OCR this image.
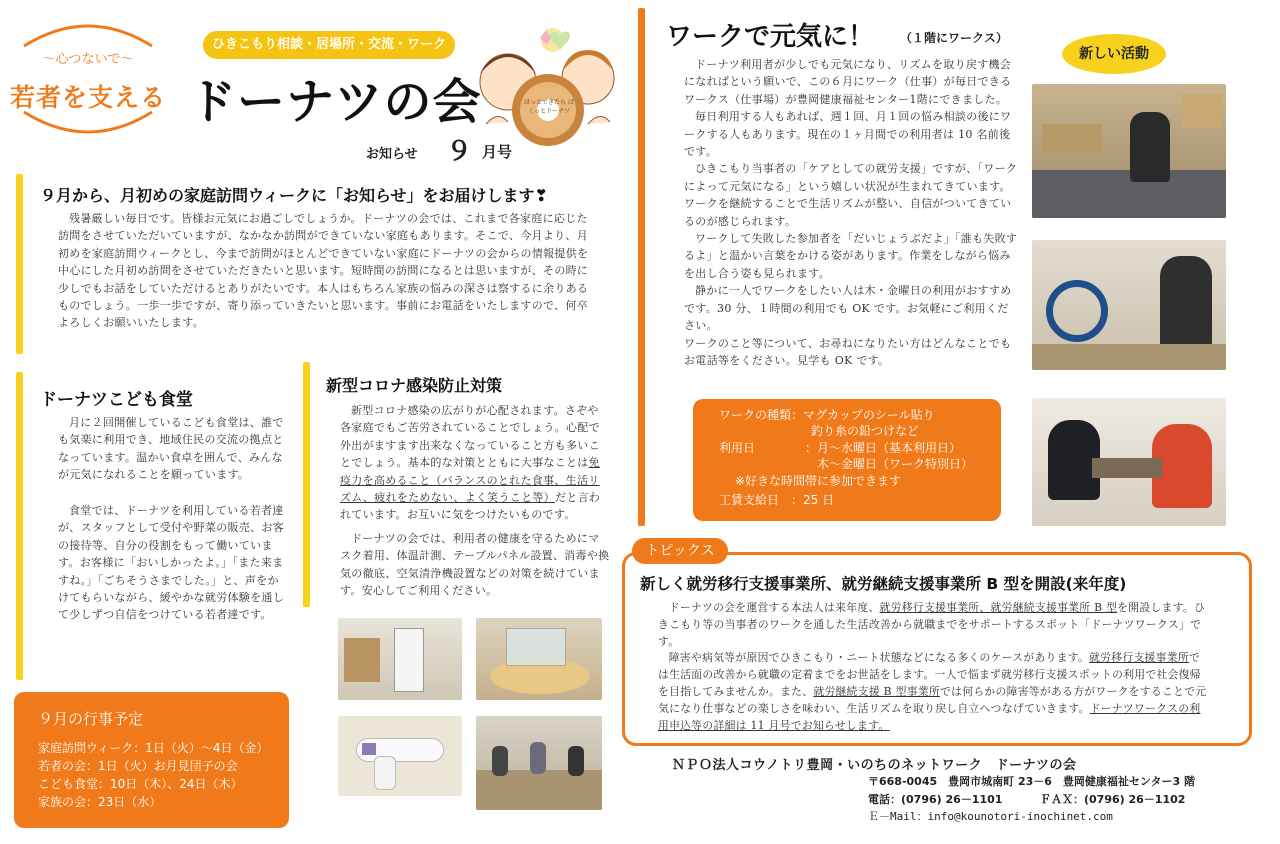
〜心つないで〜
若者を支える
ひきこもり相談・居場所・交流・ワーク
ドーナツの会
お知らせ ９ 月号
ほっとできたら ぱくっとドーナツ
９月から、月初めの家庭訪問ウィークに「お知らせ」をお届けします❣

残暑厳しい毎日です。皆様お元気にお過ごしでしょうか。ドーナツの会では、これまで各家庭に応じた訪問をさせていただいていますが、なかなか訪問ができていない家庭もあります。そこで、今月より、月初めを家庭訪問ウィークとし、今まで訪問がほとんどできていない家庭にドーナツの会からの情報提供を中心にした月初め訪問をさせていただきたいと思います。短時間の訪問になるとは思いますが、その時に少しでもお話をしていただけるとありがたいです。本人はもちろん家族の悩みの深さは察するに余りあるものでしょう。一歩一歩ですが、寄り添っていきたいと思います。事前にお電話をいたしますので、何卒よろしくお願いいたします。

ドーナツこども食堂

月に２回開催しているこども食堂は、誰でも気楽に利用でき、地域住民の交流の拠点となっています。温かい食卓を囲んで、みんなが元気になれることを願っています。

食堂では、ドーナツを利用している若者達が、スタッフとして受付や野菜の販売、お客の接待等、自分の役割をもって働いています。お客様に「おいしかったよ。」「また来ますね。」「ごちそうさまでした。」と、声をかけてもらいながら、緩やかな就労体験を通して少しずつ自信をつけている若者達です。

９月の行事予定
家庭訪問ウィーク：1日（火）〜4日（金）
若者の会：1日（火）お月見団子の会
こども食堂：10日（木）、24日（木）
家族の会：23日（水）
新型コロナ感染防止対策

新型コロナ感染の広がりが心配されます。さぞや各家庭でもご苦労されていることでしょう。心配で外出がますます出来なくなっていること方も多いことでしょう。基本的な対策とともに大事なことは免疫力を高めること（バランスのとれた食事、生活リズム、疲れをためない、よく笑うこと等）だと言われています。お互いに気をつけたいものです。

ドーナツの会では、利用者の健康を守るためにマスク着用、体温計測、テーブルパネル設置、消毒や換気の徹底、空気清浄機設置などの対策を続けています。安心してご利用ください。

ワークで元気に！ （１階にワークス）

ドーナツ利用者が少しでも元気になり、リズムを取り戻す機会になればという願いで、この６月にワーク（仕事）が毎日できるワークス（仕事場）が豊岡健康福祉センター1階にできました。

毎日利用する人もあれば、週１回、月１回の悩み相談の後にワークする人もあります。現在の１ヶ月間での利用者は 10 名前後です。

ひきこもり当事者の「ケアとしての就労支援」ですが、「ワークによって元気になる」という嬉しい状況が生まれてきています。ワークを継続することで生活リズムが整い、自信がついてきているのが感じられます。

ワークして失敗した参加者を「だいじょうぶだよ」「誰も失敗するよ」と温かい言葉をかける姿があります。作業をしながら悩みを出し合う姿も見られます。

静かに一人でワークをしたい人は木・金曜日の利用がおすすめです。30 分、１時間の利用でも OK です。お気軽にご利用ください。

ワークのこと等について、お尋ねになりたい方はどんなことでもお電話等をください。見学も OK です。

新しい活動
ワークの種類：マグカップのシール貼り
釣り糸の鉛つけなど
利用日	：月〜水曜日（基本利用日）
木〜金曜日（ワーク特別日）
※好きな時間帯に参加できます
工賃支給日　：25 日
トピックス
新しく就労移行支援事業所、就労継続支援事業所 B 型を開設(来年度)

ドーナツの会を運営する本法人は来年度、就労移行支援事業所、就労継続支援事業所 B 型を開設します。ひきこもり等の当事者のワークを通した生活改善から就職までをサポートするスポット「ドーナツワークス」です。

障害や病気等が原因でひきこもり・ニート状態などになる多くのケースがあります。就労移行支援事業所では生活面の改善から就職の定着までをお世話をします。一人で悩まず就労移行支援スポットの利用で社会復帰を目指してみませんか。また、就労継続支援 B 型事業所では何らかの障害等がある方がワークをすることで元気になり仕事などの楽しさを味わい、生活リズムを取り戻し自立へつなげていきます。ドーナツワークスの利用申込等の詳細は 11 月号でお知らせします。

ＮＰＯ法人コウノトリ豊岡・いのちのネットワーク　ドーナツの会
〒668-0045　豊岡市城南町 23－6　豊岡健康福祉センター3 階
電話：(0796) 26－1101	ＦＡＸ：(0796) 26－1102
Ｅ－Mail：info@kounotori-inochinet.com
